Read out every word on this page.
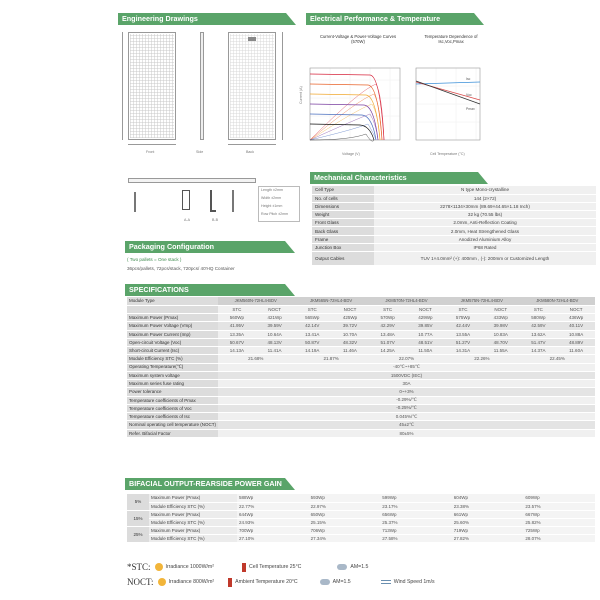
Engineering Drawings	Electrical Performance & Temperature Dependence
Mechanical Characteristics
Packaging Configuration
SPECIFICATIONS
BIFACIAL OUTPUT-REARSIDE POWER GAIN
Front	Side	Back
A-A	B-B
Length ±2mm
Width ±2mm
Height ±1mm
Row Pitch ±2mm
Current-Voltage & Power-Voltage Curves (570W)
Current (A)
Voltage (V)
Temperature Dependence of Isc,Voc,Pmax
Isc
Voc
Pmax
Cell Temperature (°C)
Cell Type	N type Mono-crystalline
No. of cells	144 (2×72)
Dimensions	2278×1134×30mm (89.69×44.65×1.18 Inch)
Weight	32 kg (70.55 lbs)
Front Glass	2.0mm, Anti-Reflection Coating
Back Glass	2.0mm, Heat Strengthened Glass
Frame	Anodized Aluminium Alloy
Junction Box	IP68 Rated
Output Cables	TUV 1×4.0mm² (+): 400mm , (-): 200mm or Customized Length
( Two pallets = One stack )
36pcs/pallets, 72pcs/stack, 720pcs/ 40'HQ Container
Module Type	JKM560N-72HL4-BDV		JKM565N-72HL4-BDV		JKM570N-72HL4-BDV		JKM575N-72HL4-BDV		JKM580N-72HL4-BDV	
	STC	NOCT	STC	NOCT	STC	NOCT	STC	NOCT	STC	NOCT
Maximum Power (Pmax)	560Wp	421Wp	565Wp	425Wp	570Wp	429Wp	575Wp	433Wp	580Wp	436Wp
Maximum Power Voltage (Vmp)	41.95V	39.59V	42.14V	39.72V	42.29V	39.85V	42.44V	39.98V	42.59V	40.11V
Maximum Power Current (Imp)	13.35A	10.64A	13.41A	10.70A	13.48A	10.77A	13.55A	10.83A	13.62A	10.88A
Open-circuit Voltage (Voc)	50.67V	48.13V	50.87V	48.32V	51.07V	48.51V	51.27V	48.70V	51.47V	48.89V
Short-circuit Current (Isc)	14.13A	11.41A	14.19A	11.46A	14.25A	11.50A	14.31A	11.55A	14.37A	11.60A
Module Efficiency STC (%)	21.68%		21.87%		22.07%		22.26%		22.45%	
Operating Temperature(℃)	-40℃~+85℃									
Maximum system voltage	1500VDC (IEC)									
Maximum series fuse rating	30A									
Power tolerance	0~+3%									
Temperature coefficients of Pmax	-0.29%/℃									
Temperature coefficients of Voc	-0.25%/℃									
Temperature coefficients of Isc	0.045%/℃									
Nominal operating cell temperature (NOCT)	45±2℃									
Refer. Bifacial Factor	80±5%									
5%	Maximum Power (Pmax)	588Wp	593Wp	599Wp	604Wp	609Wp
	Module Efficiency STC (%)	22.77%	22.97%	23.17%	23.38%	23.57%
15%	Maximum Power (Pmax)	644Wp	650Wp	656Wp	661Wp	667Wp
	Module Efficiency STC (%)	24.93%	25.15%	25.37%	25.60%	25.82%
25%	Maximum Power (Pmax)	700Wp	706Wp	713Wp	719Wp	725Wp
	Module Efficiency STC (%)	27.10%	27.34%	27.58%	27.82%	28.07%
*STC:	Irradiance 1000W/m²	Cell Temperature 25°C	AM=1.5
NOCT:	Irradiance 800W/m²	Ambient Temperature 20°C	AM=1.5	Wind Speed 1m/s
